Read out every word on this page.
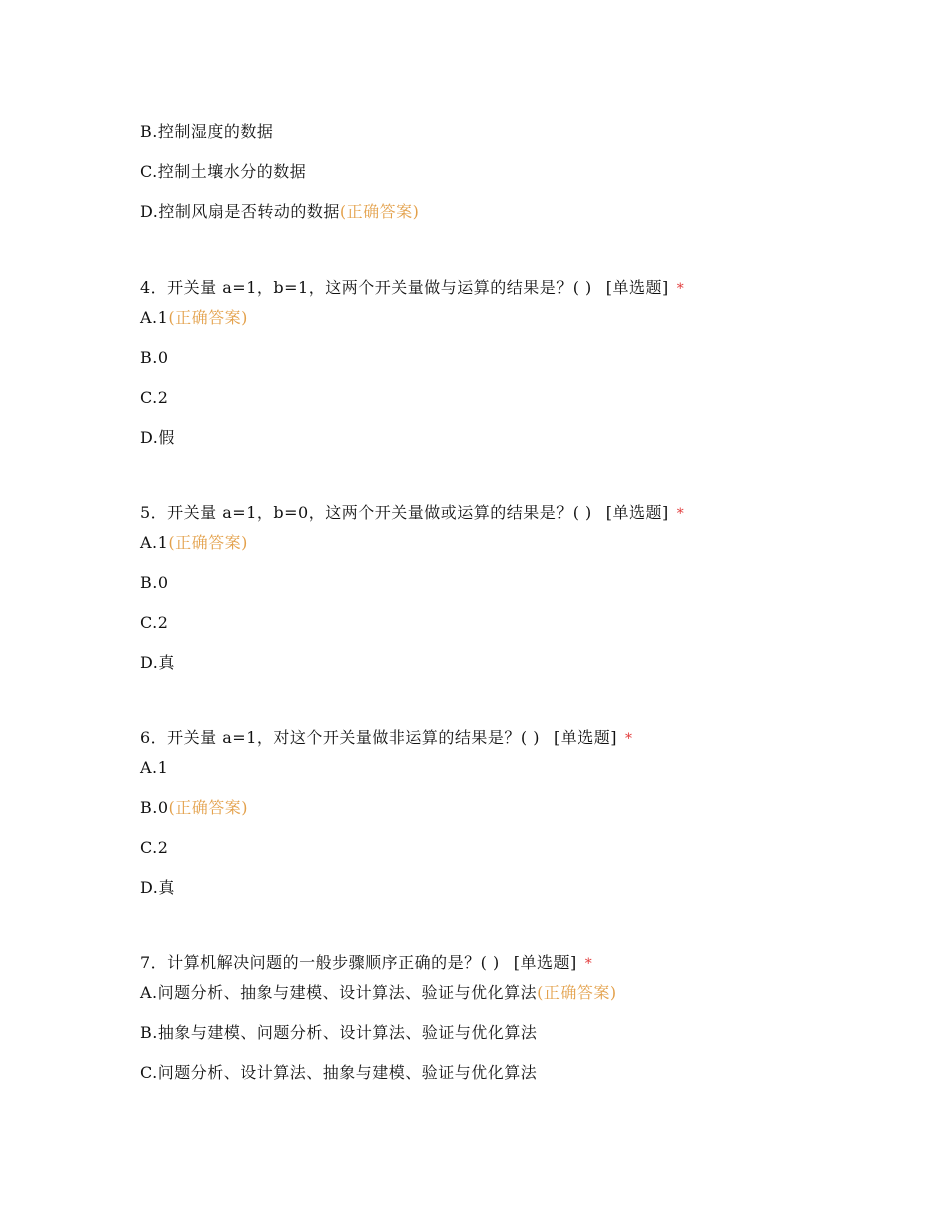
B.控制湿度的数据
C.控制土壤水分的数据
D.控制风扇是否转动的数据(正确答案)
4．开关量 a=1，b=1，这两个开关量做与运算的结果是？( ) [单选题] *
A.1(正确答案)
B.0
C.2
D.假
5．开关量 a=1，b=0，这两个开关量做或运算的结果是？( ) [单选题] *
A.1(正确答案)
B.0
C.2
D.真
6．开关量 a=1，对这个开关量做非运算的结果是？( ) [单选题] *
A.1
B.0(正确答案)
C.2
D.真
7．计算机解决问题的一般步骤顺序正确的是？( ) [单选题] *
A.问题分析、抽象与建模、设计算法、验证与优化算法(正确答案)
B.抽象与建模、问题分析、设计算法、验证与优化算法
C.问题分析、设计算法、抽象与建模、验证与优化算法
